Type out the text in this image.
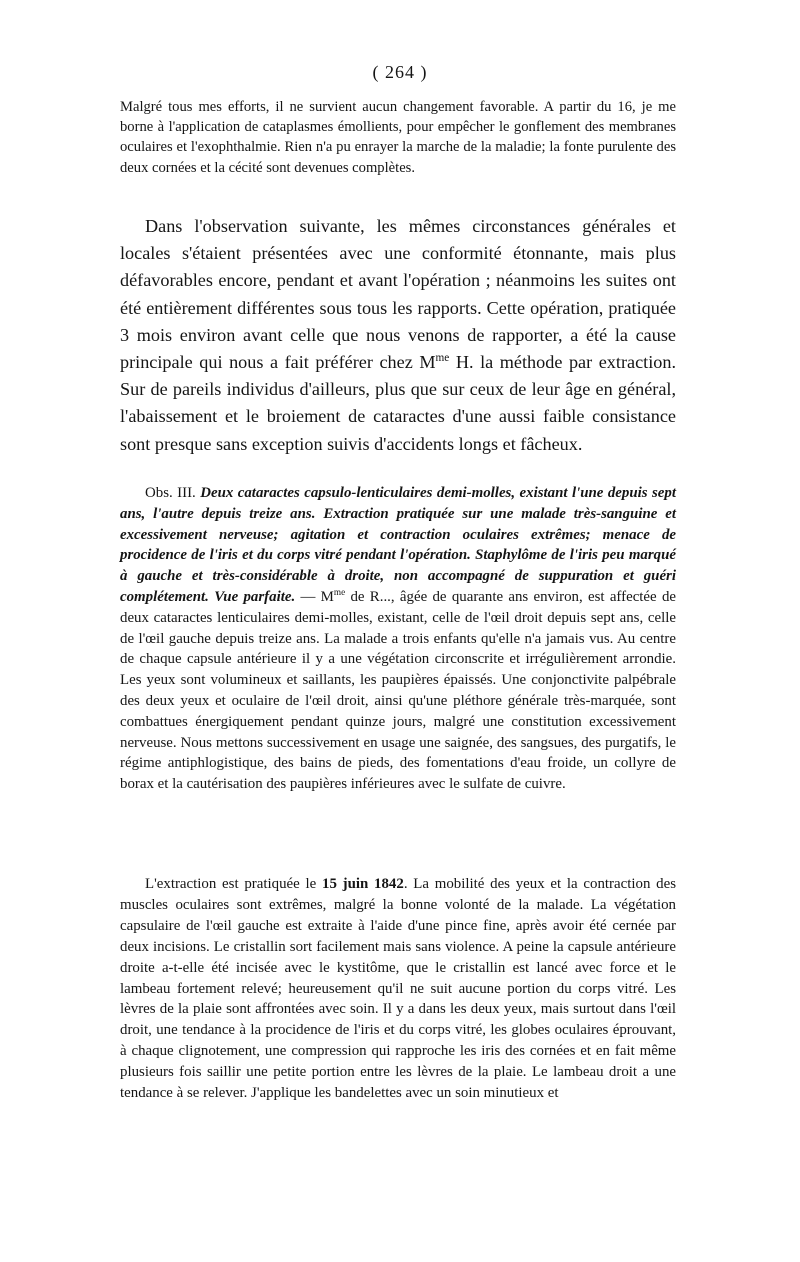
( 264 )

Malgré tous mes efforts, il ne survient aucun changement favorable. A partir du 16, je me borne à l'application de cataplasmes émollients, pour empêcher le gonflement des membranes oculaires et l'exophthalmie. Rien n'a pu enrayer la marche de la maladie; la fonte purulente des deux cornées et la cécité sont devenues complètes.

Dans l'observation suivante, les mêmes circonstances générales et locales s'étaient présentées avec une conformité étonnante, mais plus défavorables encore, pendant et avant l'opération ; néanmoins les suites ont été entièrement différentes sous tous les rapports. Cette opération, pratiquée 3 mois environ avant celle que nous venons de rapporter, a été la cause principale qui nous a fait préférer chez $M^{me}$ H. la méthode par extraction. Sur de pareils individus d'ailleurs, plus que sur ceux de leur âge en général, l'abaissement et le broiement de cataractes d'une aussi faible consistance sont presque sans exception suivis d'accidents longs et fâcheux.

Obs. III. Deux cataractes capsulo-lenticulaires demi-molles, existant l'une depuis sept ans, l'autre depuis treize ans. Extraction pratiquée sur une malade très-sanguine et excessivement nerveuse; agitation et contraction oculaires extrêmes; menace de procidence de l'iris et du corps vitré pendant l'opération. Staphylôme de l'iris peu marqué à gauche et très-considérable à droite, non accompagné de suppuration et guéri complétement. Vue parfaite. — $M^{me}$ de R..., âgée de quarante ans environ, est affectée de deux cataractes lenticulaires demi-molles, existant, celle de l'œil droit depuis sept ans, celle de l'œil gauche depuis treize ans. La malade a trois enfants qu'elle n'a jamais vus. Au centre de chaque capsule antérieure il y a une végétation circonscrite et irrégulièrement arrondie. Les yeux sont volumineux et saillants, les paupières épaissés. Une conjonctivite palpébrale des deux yeux et oculaire de l'œil droit, ainsi qu'une pléthore générale très-marquée, sont combattues énergiquement pendant quinze jours, malgré une constitution excessivement nerveuse. Nous mettons successivement en usage une saignée, des sangsues, des purgatifs, le régime antiphlogistique, des bains de pieds, des fomentations d'eau froide, un collyre de borax et la cautérisation des paupières inférieures avec le sulfate de cuivre.

L'extraction est pratiquée le 15 juin 1842. La mobilité des yeux et la contraction des muscles oculaires sont extrêmes, malgré la bonne volonté de la malade. La végétation capsulaire de l'œil gauche est extraite à l'aide d'une pince fine, après avoir été cernée par deux incisions. Le cristallin sort facilement mais sans violence. A peine la capsule antérieure droite a-t-elle été incisée avec le kystitôme, que le cristallin est lancé avec force et le lambeau fortement relevé; heureusement qu'il ne suit aucune portion du corps vitré. Les lèvres de la plaie sont affrontées avec soin. Il y a dans les deux yeux, mais surtout dans l'œil droit, une tendance à la procidence de l'iris et du corps vitré, les globes oculaires éprouvant, à chaque clignotement, une compression qui rapproche les iris des cornées et en fait même plusieurs fois saillir une petite portion entre les lèvres de la plaie. Le lambeau droit a une tendance à se relever. J'applique les bandelettes avec un soin minutieux et
